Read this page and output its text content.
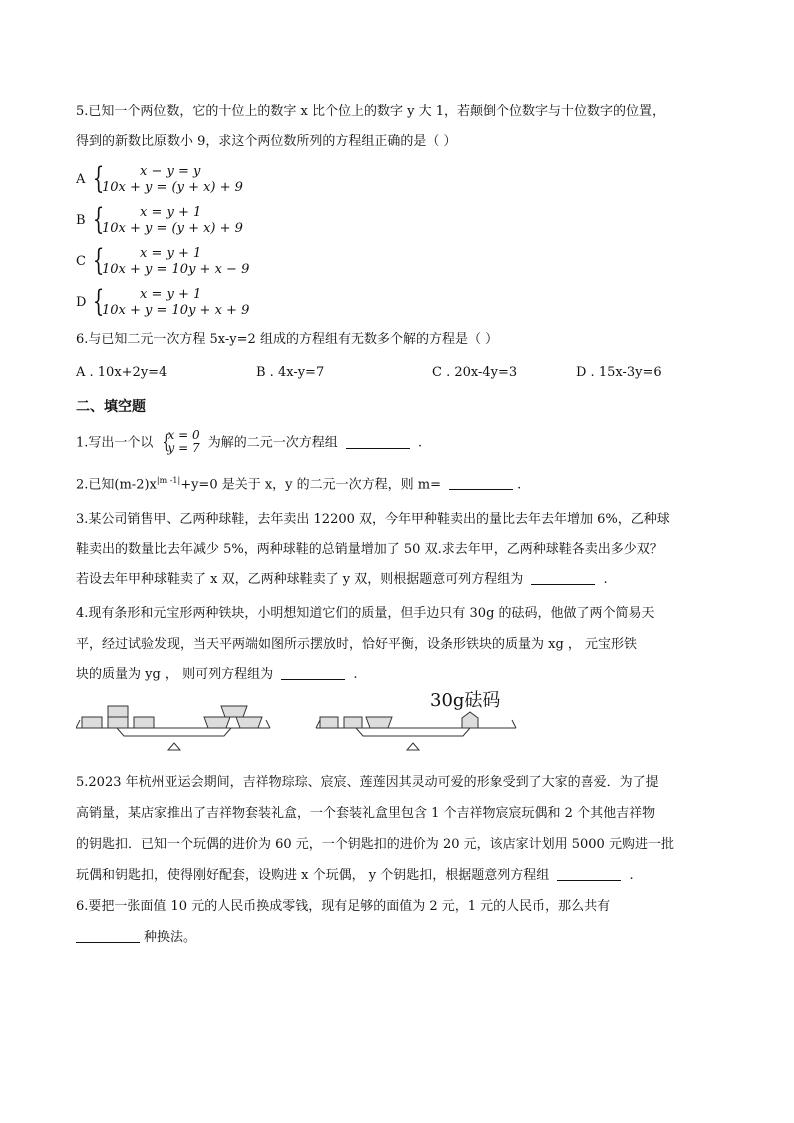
5.已知一个两位数，它的十位上的数字 x 比个位上的数字 y 大 1，若颠倒个位数字与十位数字的位置，
得到的新数比原数小 9，求这个两位数所列的方程组正确的是（ ）
A {	x − y = y
10x + y = (y + x) + 9
B {	x = y + 1
10x + y = (y + x) + 9
C {	x = y + 1
10x + y = 10y + x − 9
D {	x = y + 1
10x + y = 10y + x + 9
6.与已知二元一次方程 5x-y=2 组成的方程组有无数多个解的方程是（ ）
A . 10x+2y=4	B . 4x-y=7	C . 20x-4y=3	D . 15x-3y=6
二、填空题
1.写出一个以 {
x = 0
y = 7 为解的二元一次方程组	.
2.已知$(m-2)x^{|m -1|}+y=0$ 是关于 x，y 的二元一次方程，则 m=	.
3.某公司销售甲、乙两种球鞋，去年卖出 12200 双，今年甲种鞋卖出的量比去年去年增加 6%，乙种球
鞋卖出的数量比去年减少 5%，两种球鞋的总销量增加了 50 双.求去年甲，乙两种球鞋各卖出多少双？
若设去年甲种球鞋卖了 x 双，乙两种球鞋卖了 y 双，则根据题意可列方程组为	.
4.现有条形和元宝形两种铁块，小明想知道它们的质量，但手边只有 30g 的砝码，他做了两个简易天
平，经过试验发现，当天平两端如图所示摆放时，恰好平衡，设条形铁块的质量为 xg ， 元宝形铁
块的质量为 yg ， 则可列方程组为	.
30g砝码
5.2023 年杭州亚运会期间，吉祥物琮琮、宸宸、莲莲因其灵动可爱的形象受到了大家的喜爱．为了提
高销量，某店家推出了吉祥物套装礼盒，一个套装礼盒里包含 1 个吉祥物宸宸玩偶和 2 个其他吉祥物
的钥匙扣．已知一个玩偶的进价为 60 元，一个钥匙扣的进价为 20 元，该店家计划用 5000 元购进一批
玩偶和钥匙扣，使得刚好配套，设购进 x 个玩偶， y 个钥匙扣，根据题意列方程组	.
6.要把一张面值 10 元的人民币换成零钱，现有足够的面值为 2 元，1 元的人民币，那么共有
种换法。
